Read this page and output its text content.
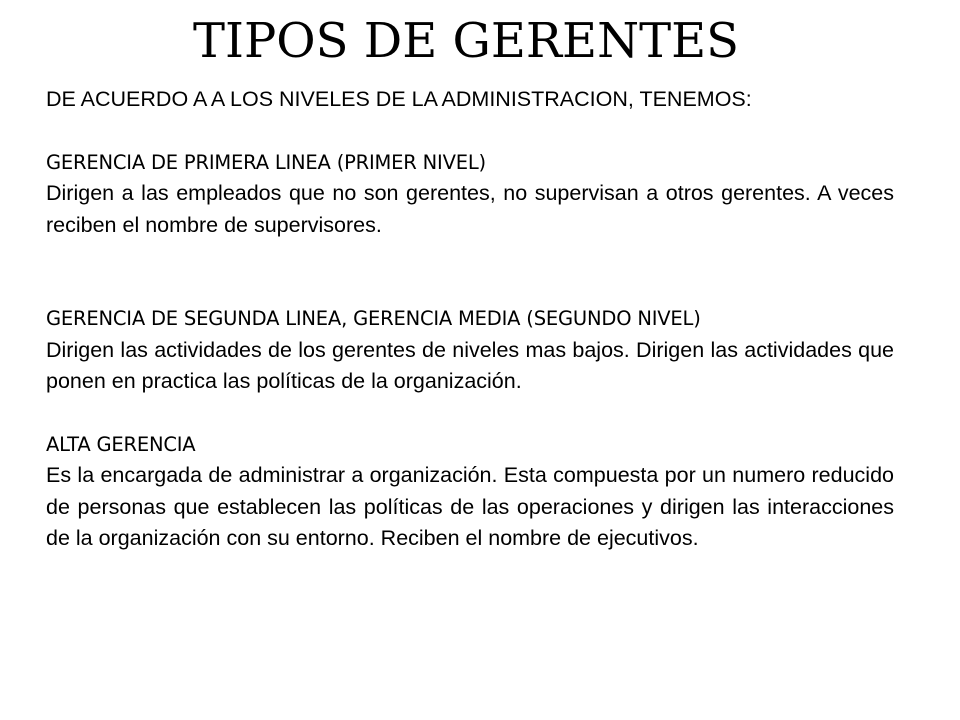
TIPOS DE GERENTES

DE ACUERDO A A LOS NIVELES DE LA ADMINISTRACION, TENEMOS:

GERENCIA DE PRIMERA LINEA (PRIMER NIVEL)

Dirigen a las empleados que no son gerentes, no supervisan a otros gerentes. A veces reciben el nombre de supervisores.

GERENCIA DE SEGUNDA LINEA, GERENCIA MEDIA (SEGUNDO NIVEL)

Dirigen las actividades de los gerentes de niveles mas bajos. Dirigen las actividades que ponen en practica las políticas de la organización.

ALTA GERENCIA

Es la encargada de administrar a organización. Esta compuesta por un numero reducido de personas que establecen las políticas de las operaciones y dirigen las interacciones de la organización con su entorno. Reciben el nombre de ejecutivos.
